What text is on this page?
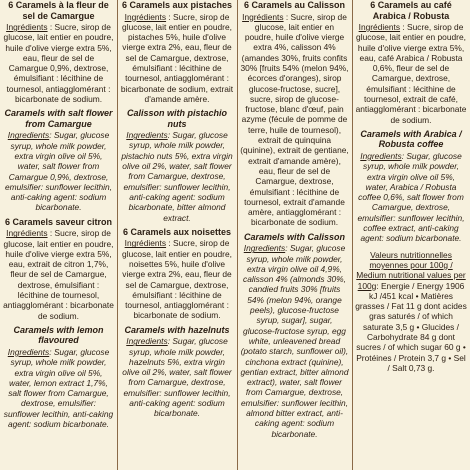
6 Caramels à la fleur de sel de Camargue
Ingrédients : Sucre, sirop de glucose, lait entier en poudre, huile d'olive vierge extra 5%, eau, fleur de sel de Camargue 0,9%, dextrose, émulsifiant : lécithine de tournesol, antiagglomérant : bicarbonate de sodium.
Caramels with salt flower from Camargue
Ingredients: Sugar, glucose syrup, whole milk powder, extra virgin olive oil 5%, water, salt flower from Camargue 0,9%, dextrose, emulsifier: sunflower lecithin, anti-caking agent: sodium bicarbonate.
6 Caramels saveur citron
Ingrédients : Sucre, sirop de glucose, lait entier en poudre, huile d'olive vierge extra 5%, eau, extrait de citron 1,7%, fleur de sel de Camargue, dextrose, émulsifiant : lécithine de tournesol, antiagglomérant : bicarbonate de sodium.
Caramels with lemon flavoured
Ingredients: Sugar, glucose syrup, whole milk powder, extra virgin olive oil 5%, water, lemon extract 1,7%, salt flower from Camargue, dextrose, emulsifier: sunflower lecithin, anti-caking agent: sodium bicarbonate.
6 Caramels aux pistaches
Ingrédients : Sucre, sirop de glucose, lait entier en poudre, pistaches 5%, huile d'olive vierge extra 2%, eau, fleur de sel de Camargue, dextrose, émulsifiant : lécithine de tournesol, antiagglomérant : bicarbonate de sodium, extrait d'amande amère.
Calisson with pistachio nuts
Ingredients: Sugar, glucose syrup, whole milk powder, pistachio nuts 5%, extra virgin olive oil 2%, water, salt flower from Camargue, dextrose, emulsifier: sunflower lecithin, anti-caking agent: sodium bicarbonate, bitter almond extract.
6 Caramels aux noisettes
Ingrédients : Sucre, sirop de glucose, lait entier en poudre, noisettes 5%, huile d'olive vierge extra 2%, eau, fleur de sel de Camargue, dextrose, émulsifiant : lécithine de tournesol, antiagglomérant : bicarbonate de sodium.
Caramels with hazelnuts
Ingredients: Sugar, glucose syrup, whole milk powder, hazelnuts 5%, extra virgin olive oil 2%, water, salt flower from Camargue, dextrose, emulsifier: sunflower lecithin, anti-caking agent: sodium bicarbonate.
6 Caramels au Calisson
Ingrédients : Sucre, sirop de glucose, lait entier en poudre, huile d'olive vierge extra 4%, calisson 4% (amandes 30%, fruits confits 30% [fruits 54% (melon 94%, écorces d'oranges), sirop glucose-fructose, sucre], sucre, sirop de glucose-fructose, blanc d'œuf, pain azyme (fécule de pomme de terre, huile de tournesol), extrait de quinquina (quinine), extrait de gentiane, extrait d'amande amère), eau, fleur de sel de Camargue, dextrose, émulsifiant : lécithine de tournesol, extrait d'amande amère, antiagglomérant : bicarbonate de sodium.
Caramels with Calisson
Ingredients: Sugar, glucose syrup, whole milk powder, extra virgin olive oil 4,9%, calisson 4% (almonds 30%, candied fruits 30% [fruits 54% (melon 94%, orange peels), glucose-fructose syrup, sugar], sugar, glucose-fructose syrup, egg white, unleavened bread (potato starch, sunflower oil), cinchona extract (quinine), gentian extract, bitter almond extract), water, salt flower from Camargue, dextrose, emulsifier: sunflower lecithin, almond bitter extract, anti-caking agent: sodium bicarbonate.
6 Caramels au café Arabica / Robusta
Ingrédients : Sucre, sirop de glucose, lait entier en poudre, huile d'olive vierge extra 5%, eau, café Arabica / Robusta 0,6%, fleur de sel de Camargue, dextrose, émulsifiant : lécithine de tournesol, extrait de café, antiagglomérant : bicarbonate de sodium.
Caramels with Arabica / Robusta coffee
Ingredients: Sugar, glucose syrup, whole milk powder, extra virgin olive oil 5%, water, Arabica / Robusta coffee 0,6%, salt flower from Camargue, dextrose, emulsifier: sunflower lecithin, coffee extract, anti-caking agent: sodium bicarbonate.
Valeurs nutritionnelles moyennes pour 100g / Medium nutritional values per 100g: Energie / Energy 1906 kJ /451 kcal • Matières grasses / Fat 11 g dont acides gras saturés / of which saturate 3,5 g • Glucides / Carbohydrate 84 g dont sucres / of which sugar 60 g • Protéines / Protein 3,7 g • Sel / Salt 0,73 g.
